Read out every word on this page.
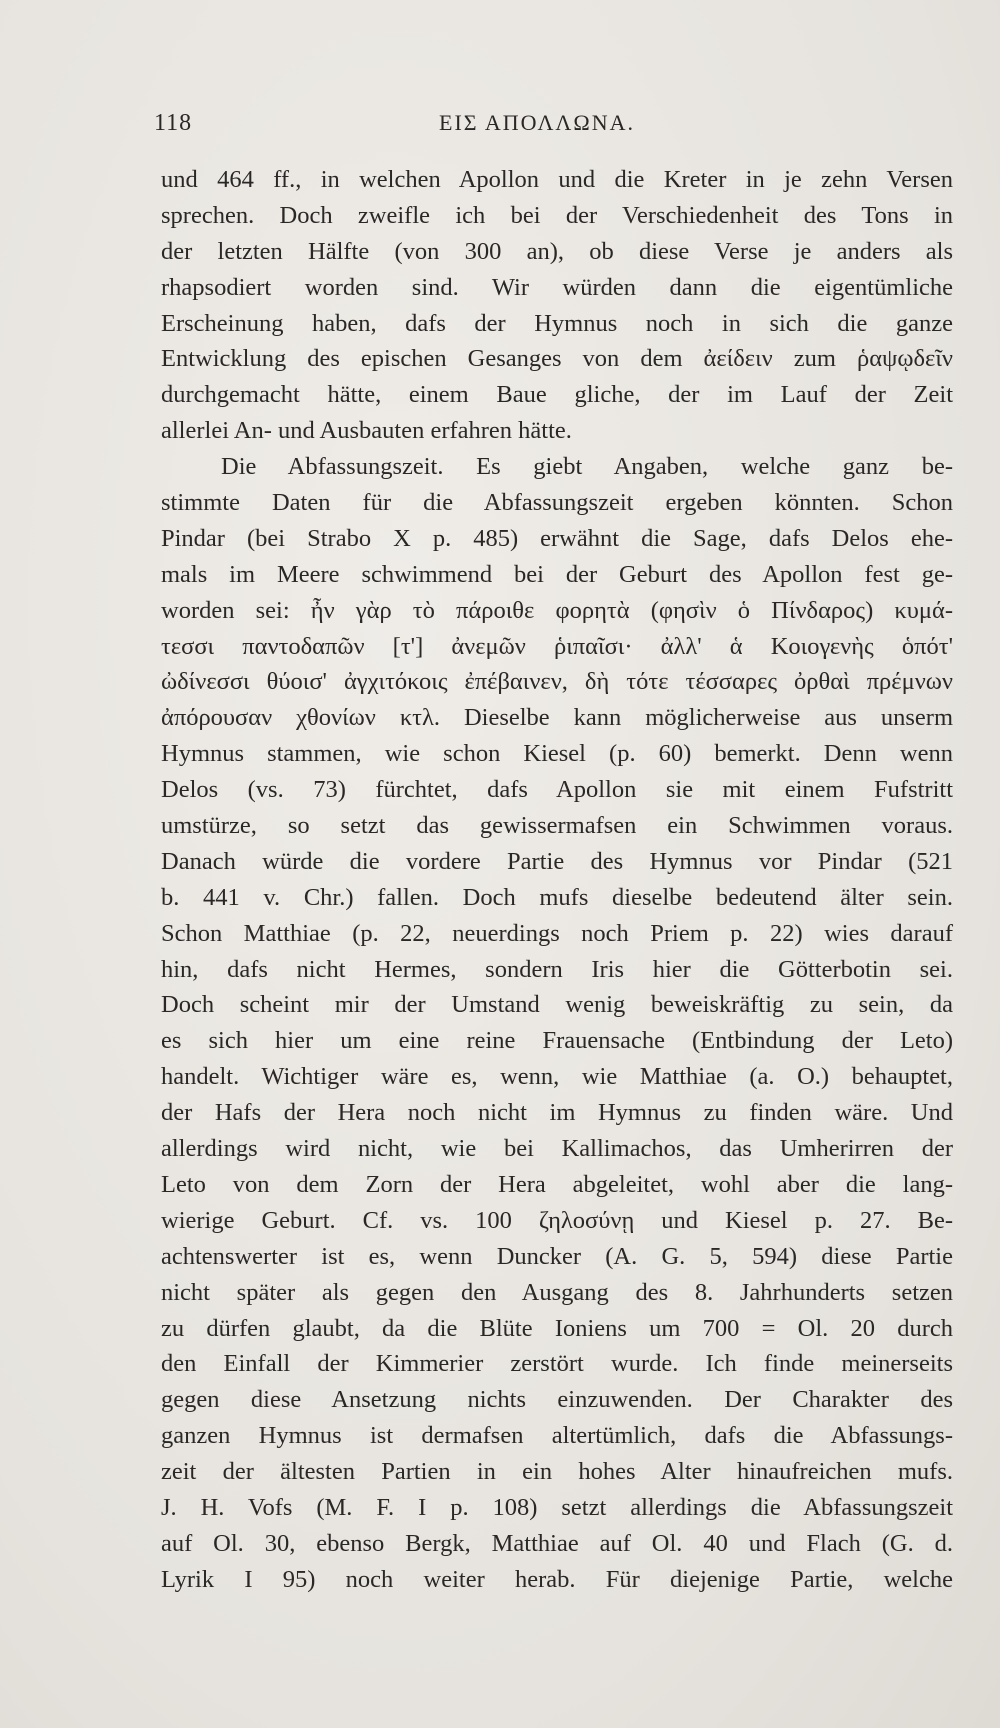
118	ΕΙΣ ΑΠΟΛΛΩΝΑ.
und 464 ff., in welchen Apollon und die Kreter in je zehn Versen
sprechen. Doch zweifle ich bei der Verschiedenheit des Tons in
der letzten Hälfte (von 300 an), ob diese Verse je anders als
rhapsodiert worden sind. Wir würden dann die eigentümliche
Erscheinung haben, dafs der Hymnus noch in sich die ganze
Entwicklung des epischen Gesanges von dem ἀείδειν zum ῥαψῳδεῖν
durchgemacht hätte, einem Baue gliche, der im Lauf der Zeit
allerlei An- und Ausbauten erfahren hätte.
Die Abfassungszeit. Es giebt Angaben, welche ganz be-
stimmte Daten für die Abfassungszeit ergeben könnten. Schon
Pindar (bei Strabo X p. 485) erwähnt die Sage, dafs Delos ehe-
mals im Meere schwimmend bei der Geburt des Apollon fest ge-
worden sei: ἦν γὰρ τὸ πάροιθε φορητὰ (φησὶν ὁ Πίνδαρος) κυμά-
τεσσι παντοδαπῶν [τ'] ἀνεμῶν ῥιπαῖσι· ἀλλ' ἁ Κοιογενὴς ὁπότ'
ὠδίνεσσι θύοισ' ἀγχιτόκοις ἐπέβαινεν, δὴ τότε τέσσαρες ὀρθαὶ πρέμνων
ἀπόρουσαν χθονίων κτλ. Dieselbe kann möglicherweise aus unserm
Hymnus stammen, wie schon Kiesel (p. 60) bemerkt. Denn wenn
Delos (vs. 73) fürchtet, dafs Apollon sie mit einem Fufstritt
umstürze, so setzt das gewissermafsen ein Schwimmen voraus.
Danach würde die vordere Partie des Hymnus vor Pindar (521
b. 441 v. Chr.) fallen. Doch mufs dieselbe bedeutend älter sein.
Schon Matthiae (p. 22, neuerdings noch Priem p. 22) wies darauf
hin, dafs nicht Hermes, sondern Iris hier die Götterbotin sei.
Doch scheint mir der Umstand wenig beweiskräftig zu sein, da
es sich hier um eine reine Frauensache (Entbindung der Leto)
handelt. Wichtiger wäre es, wenn, wie Matthiae (a. O.) behauptet,
der Hafs der Hera noch nicht im Hymnus zu finden wäre. Und
allerdings wird nicht, wie bei Kallimachos, das Umherirren der
Leto von dem Zorn der Hera abgeleitet, wohl aber die lang-
wierige Geburt. Cf. vs. 100 ζηλοσύνῃ und Kiesel p. 27. Be-
achtenswerter ist es, wenn Duncker (A. G. 5, 594) diese Partie
nicht später als gegen den Ausgang des 8. Jahrhunderts setzen
zu dürfen glaubt, da die Blüte Ioniens um 700 = Ol. 20 durch
den Einfall der Kimmerier zerstört wurde. Ich finde meinerseits
gegen diese Ansetzung nichts einzuwenden. Der Charakter des
ganzen Hymnus ist dermafsen altertümlich, dafs die Abfassungs-
zeit der ältesten Partien in ein hohes Alter hinaufreichen mufs.
J. H. Vofs (M. F. I p. 108) setzt allerdings die Abfassungszeit
auf Ol. 30, ebenso Bergk, Matthiae auf Ol. 40 und Flach (G. d.
Lyrik I 95) noch weiter herab. Für diejenige Partie, welche
